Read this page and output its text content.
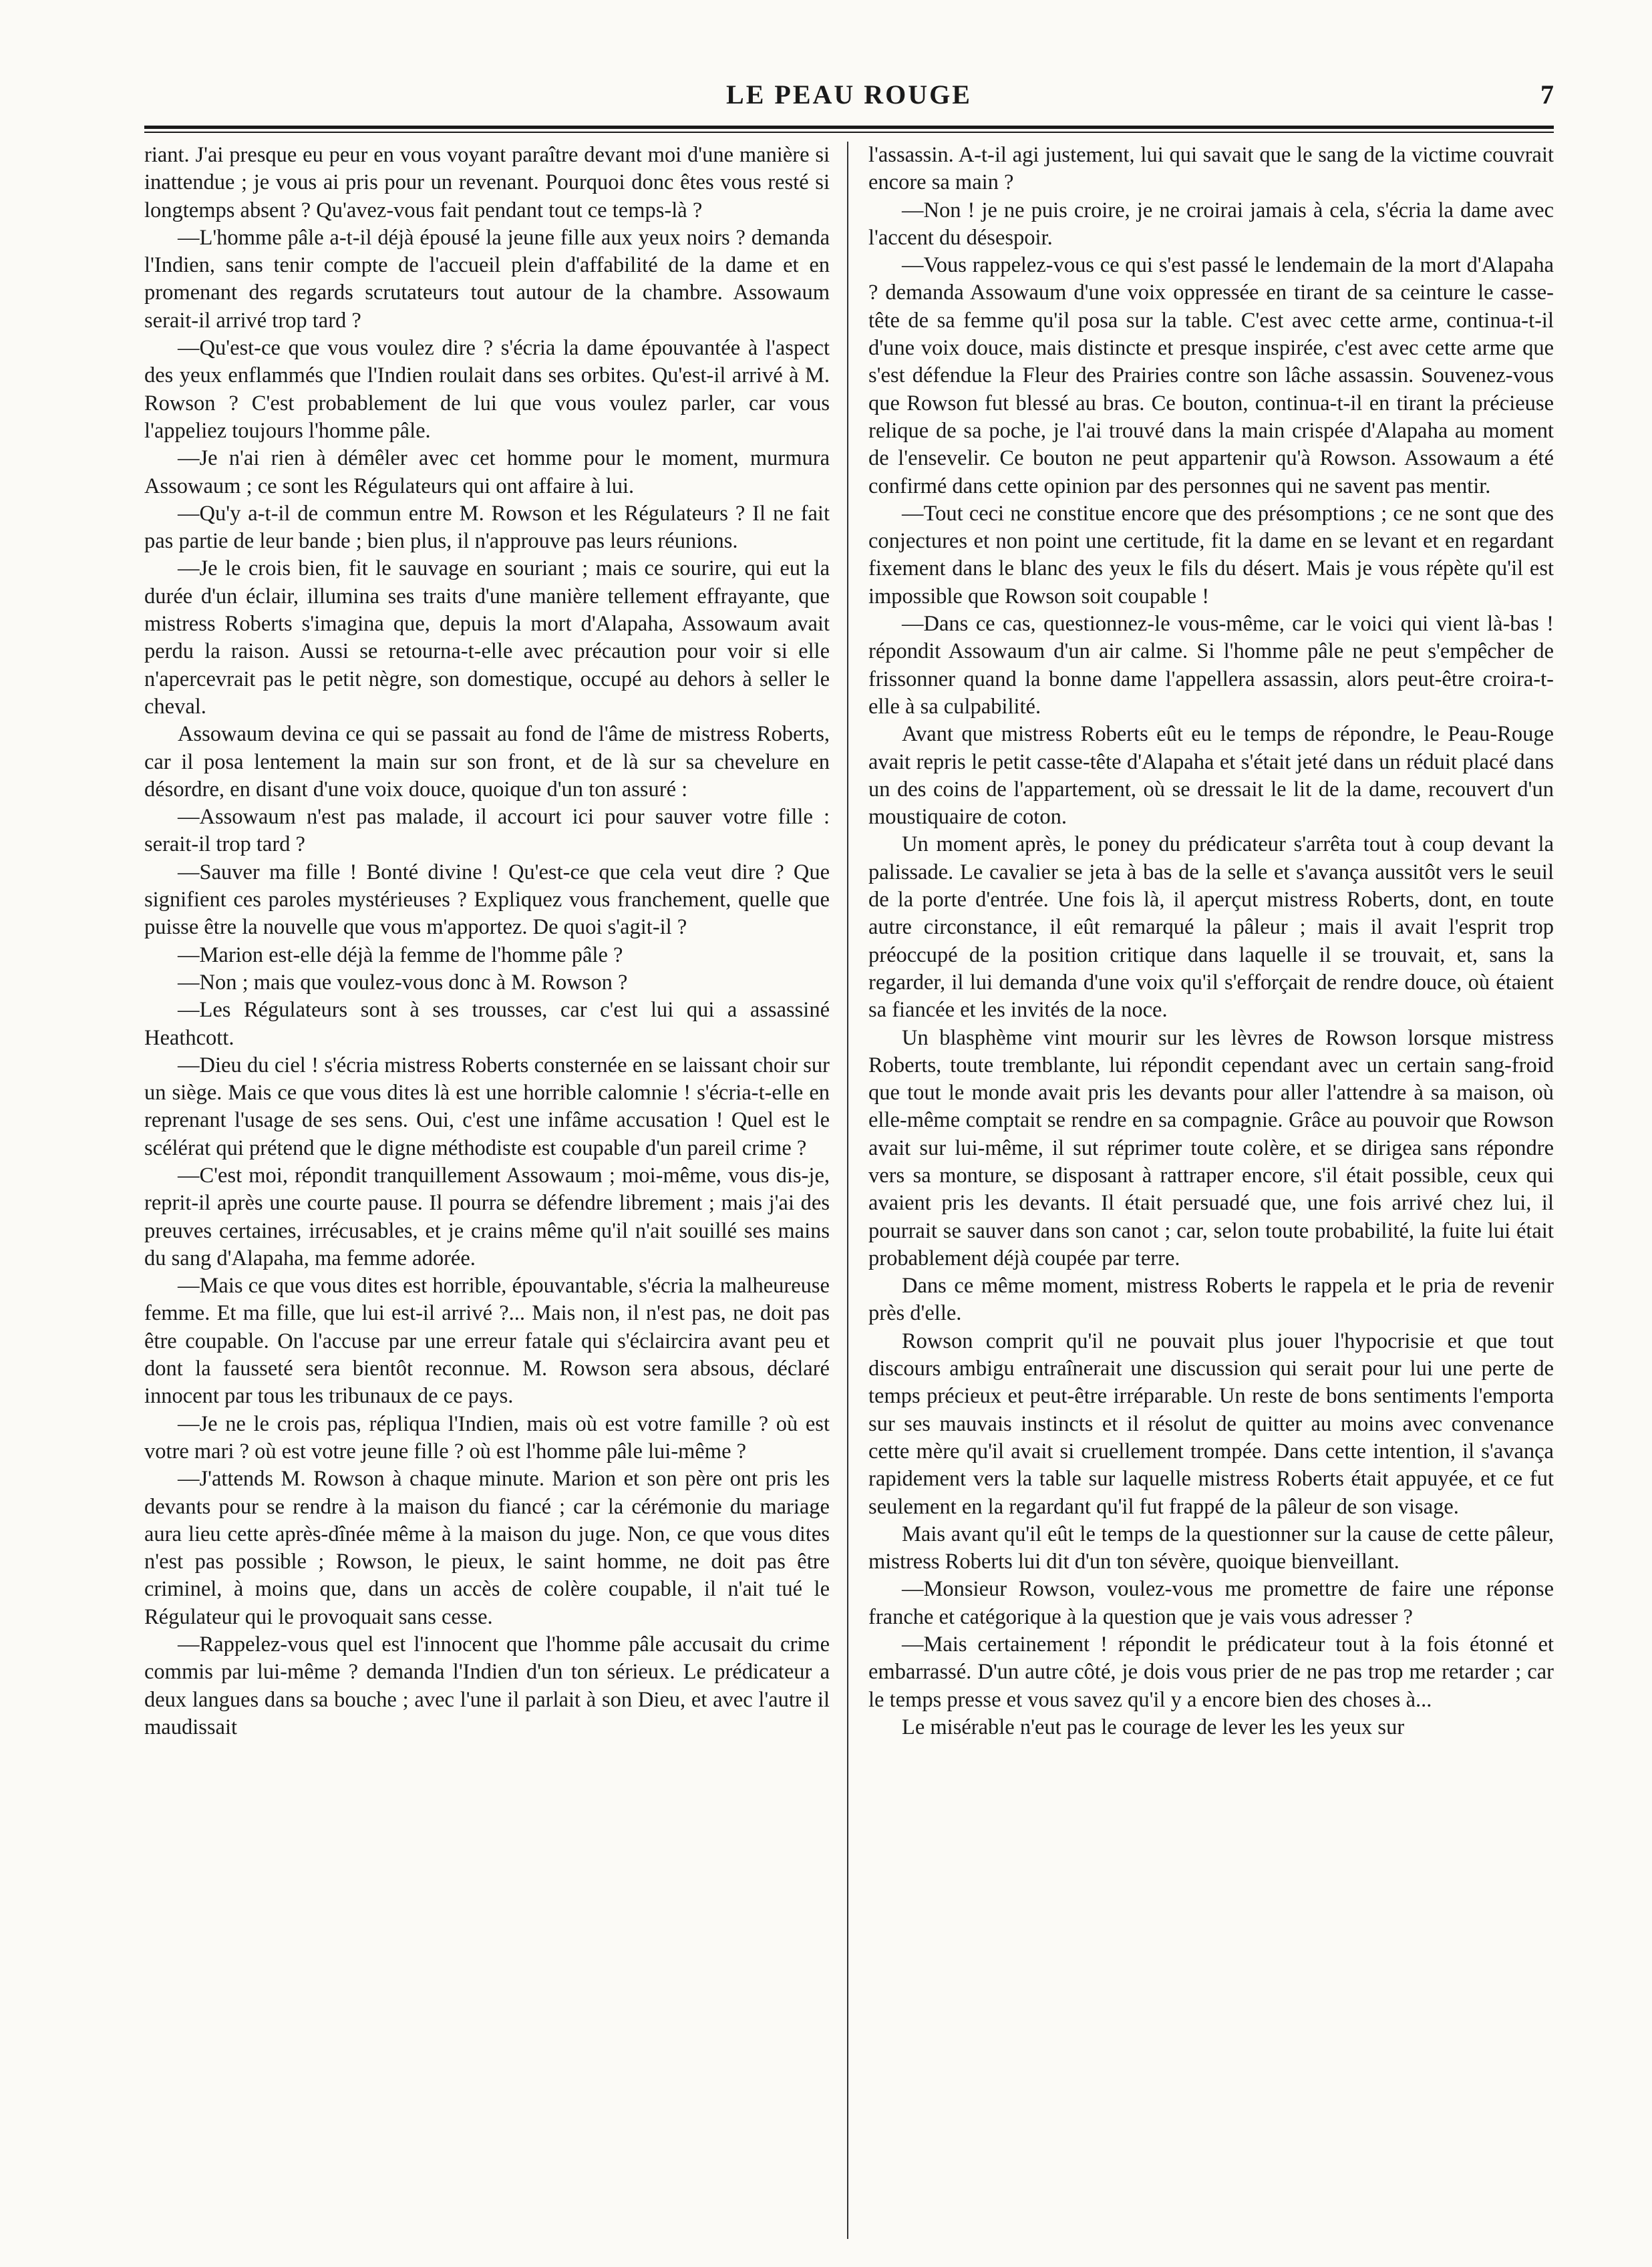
LE PEAU ROUGE	7

riant. J'ai presque eu peur en vous voyant paraître devant moi d'une manière si inattendue ; je vous ai pris pour un revenant. Pourquoi donc êtes vous resté si longtemps absent ? Qu'avez-vous fait pendant tout ce temps-là ?

—L'homme pâle a-t-il déjà épousé la jeune fille aux yeux noirs ? demanda l'Indien, sans tenir compte de l'accueil plein d'affabilité de la dame et en promenant des regards scrutateurs tout autour de la chambre. Assowaum serait-il arrivé trop tard ?

—Qu'est-ce que vous voulez dire ? s'écria la dame épouvantée à l'aspect des yeux enflammés que l'Indien roulait dans ses orbites. Qu'est-il arrivé à M. Rowson ? C'est probablement de lui que vous voulez parler, car vous l'appeliez toujours l'homme pâle.

—Je n'ai rien à démêler avec cet homme pour le moment, murmura Assowaum ; ce sont les Régulateurs qui ont affaire à lui.

—Qu'y a-t-il de commun entre M. Rowson et les Régulateurs ? Il ne fait pas partie de leur bande ; bien plus, il n'approuve pas leurs réunions.

—Je le crois bien, fit le sauvage en souriant ; mais ce sourire, qui eut la durée d'un éclair, illumina ses traits d'une manière tellement effrayante, que mistress Roberts s'imagina que, depuis la mort d'Alapaha, Assowaum avait perdu la raison. Aussi se retourna-t-elle avec précaution pour voir si elle n'apercevrait pas le petit nègre, son domestique, occupé au dehors à seller le cheval.

Assowaum devina ce qui se passait au fond de l'âme de mistress Roberts, car il posa lentement la main sur son front, et de là sur sa chevelure en désordre, en disant d'une voix douce, quoique d'un ton assuré :

—Assowaum n'est pas malade, il accourt ici pour sauver votre fille : serait-il trop tard ?

—Sauver ma fille ! Bonté divine ! Qu'est-ce que cela veut dire ? Que signifient ces paroles mystérieuses ? Expliquez vous franchement, quelle que puisse être la nouvelle que vous m'apportez. De quoi s'agit-il ?

—Marion est-elle déjà la femme de l'homme pâle ?

—Non ; mais que voulez-vous donc à M. Rowson ?

—Les Régulateurs sont à ses trousses, car c'est lui qui a assassiné Heathcott.

—Dieu du ciel ! s'écria mistress Roberts consternée en se laissant choir sur un siège. Mais ce que vous dites là est une horrible calomnie ! s'écria-t-elle en reprenant l'usage de ses sens. Oui, c'est une infâme accusation ! Quel est le scélérat qui prétend que le digne méthodiste est coupable d'un pareil crime ?

—C'est moi, répondit tranquillement Assowaum ; moi-même, vous dis-je, reprit-il après une courte pause. Il pourra se défendre librement ; mais j'ai des preuves certaines, irrécusables, et je crains même qu'il n'ait souillé ses mains du sang d'Alapaha, ma femme adorée.

—Mais ce que vous dites est horrible, épouvantable, s'écria la malheureuse femme. Et ma fille, que lui est-il arrivé ?... Mais non, il n'est pas, ne doit pas être coupable. On l'accuse par une erreur fatale qui s'éclaircira avant peu et dont la fausseté sera bientôt reconnue. M. Rowson sera absous, déclaré innocent par tous les tribunaux de ce pays.

—Je ne le crois pas, répliqua l'Indien, mais où est votre famille ? où est votre mari ? où est votre jeune fille ? où est l'homme pâle lui-même ?

—J'attends M. Rowson à chaque minute. Marion et son père ont pris les devants pour se rendre à la maison du fiancé ; car la cérémonie du mariage aura lieu cette après-dînée même à la maison du juge. Non, ce que vous dites n'est pas possible ; Rowson, le pieux, le saint homme, ne doit pas être criminel, à moins que, dans un accès de colère coupable, il n'ait tué le Régulateur qui le provoquait sans cesse.

—Rappelez-vous quel est l'innocent que l'homme pâle accusait du crime commis par lui-même ? demanda l'Indien d'un ton sérieux. Le prédicateur a deux langues dans sa bouche ; avec l'une il parlait à son Dieu, et avec l'autre il maudissait

l'assassin. A-t-il agi justement, lui qui savait que le sang de la victime couvrait encore sa main ?

—Non ! je ne puis croire, je ne croirai jamais à cela, s'écria la dame avec l'accent du désespoir.

—Vous rappelez-vous ce qui s'est passé le lendemain de la mort d'Alapaha ? demanda Assowaum d'une voix oppressée en tirant de sa ceinture le casse-tête de sa femme qu'il posa sur la table. C'est avec cette arme, continua-t-il d'une voix douce, mais distincte et presque inspirée, c'est avec cette arme que s'est défendue la Fleur des Prairies contre son lâche assassin. Souvenez-vous que Rowson fut blessé au bras. Ce bouton, continua-t-il en tirant la précieuse relique de sa poche, je l'ai trouvé dans la main crispée d'Alapaha au moment de l'ensevelir. Ce bouton ne peut appartenir qu'à Rowson. Assowaum a été confirmé dans cette opinion par des personnes qui ne savent pas mentir.

—Tout ceci ne constitue encore que des présomptions ; ce ne sont que des conjectures et non point une certitude, fit la dame en se levant et en regardant fixement dans le blanc des yeux le fils du désert. Mais je vous répète qu'il est impossible que Rowson soit coupable !

—Dans ce cas, questionnez-le vous-même, car le voici qui vient là-bas ! répondit Assowaum d'un air calme. Si l'homme pâle ne peut s'empêcher de frissonner quand la bonne dame l'appellera assassin, alors peut-être croira-t-elle à sa culpabilité.

Avant que mistress Roberts eût eu le temps de répondre, le Peau-Rouge avait repris le petit casse-tête d'Alapaha et s'était jeté dans un réduit placé dans un des coins de l'appartement, où se dressait le lit de la dame, recouvert d'un moustiquaire de coton.

Un moment après, le poney du prédicateur s'arrêta tout à coup devant la palissade. Le cavalier se jeta à bas de la selle et s'avança aussitôt vers le seuil de la porte d'entrée. Une fois là, il aperçut mistress Roberts, dont, en toute autre circonstance, il eût remarqué la pâleur ; mais il avait l'esprit trop préoccupé de la position critique dans laquelle il se trouvait, et, sans la regarder, il lui demanda d'une voix qu'il s'efforçait de rendre douce, où étaient sa fiancée et les invités de la noce.

Un blasphème vint mourir sur les lèvres de Rowson lorsque mistress Roberts, toute tremblante, lui répondit cependant avec un certain sang-froid que tout le monde avait pris les devants pour aller l'attendre à sa maison, où elle-même comptait se rendre en sa compagnie. Grâce au pouvoir que Rowson avait sur lui-même, il sut réprimer toute colère, et se dirigea sans répondre vers sa monture, se disposant à rattraper encore, s'il était possible, ceux qui avaient pris les devants. Il était persuadé que, une fois arrivé chez lui, il pourrait se sauver dans son canot ; car, selon toute probabilité, la fuite lui était probablement déjà coupée par terre.

Dans ce même moment, mistress Roberts le rappela et le pria de revenir près d'elle.

Rowson comprit qu'il ne pouvait plus jouer l'hypocrisie et que tout discours ambigu entraînerait une discussion qui serait pour lui une perte de temps précieux et peut-être irréparable. Un reste de bons sentiments l'emporta sur ses mauvais instincts et il résolut de quitter au moins avec convenance cette mère qu'il avait si cruellement trompée. Dans cette intention, il s'avança rapidement vers la table sur laquelle mistress Roberts était appuyée, et ce fut seulement en la regardant qu'il fut frappé de la pâleur de son visage.

Mais avant qu'il eût le temps de la questionner sur la cause de cette pâleur, mistress Roberts lui dit d'un ton sévère, quoique bienveillant.

—Monsieur Rowson, voulez-vous me promettre de faire une réponse franche et catégorique à la question que je vais vous adresser ?

—Mais certainement ! répondit le prédicateur tout à la fois étonné et embarrassé. D'un autre côté, je dois vous prier de ne pas trop me retarder ; car le temps presse et vous savez qu'il y a encore bien des choses à...

Le misérable n'eut pas le courage de lever les les yeux sur
